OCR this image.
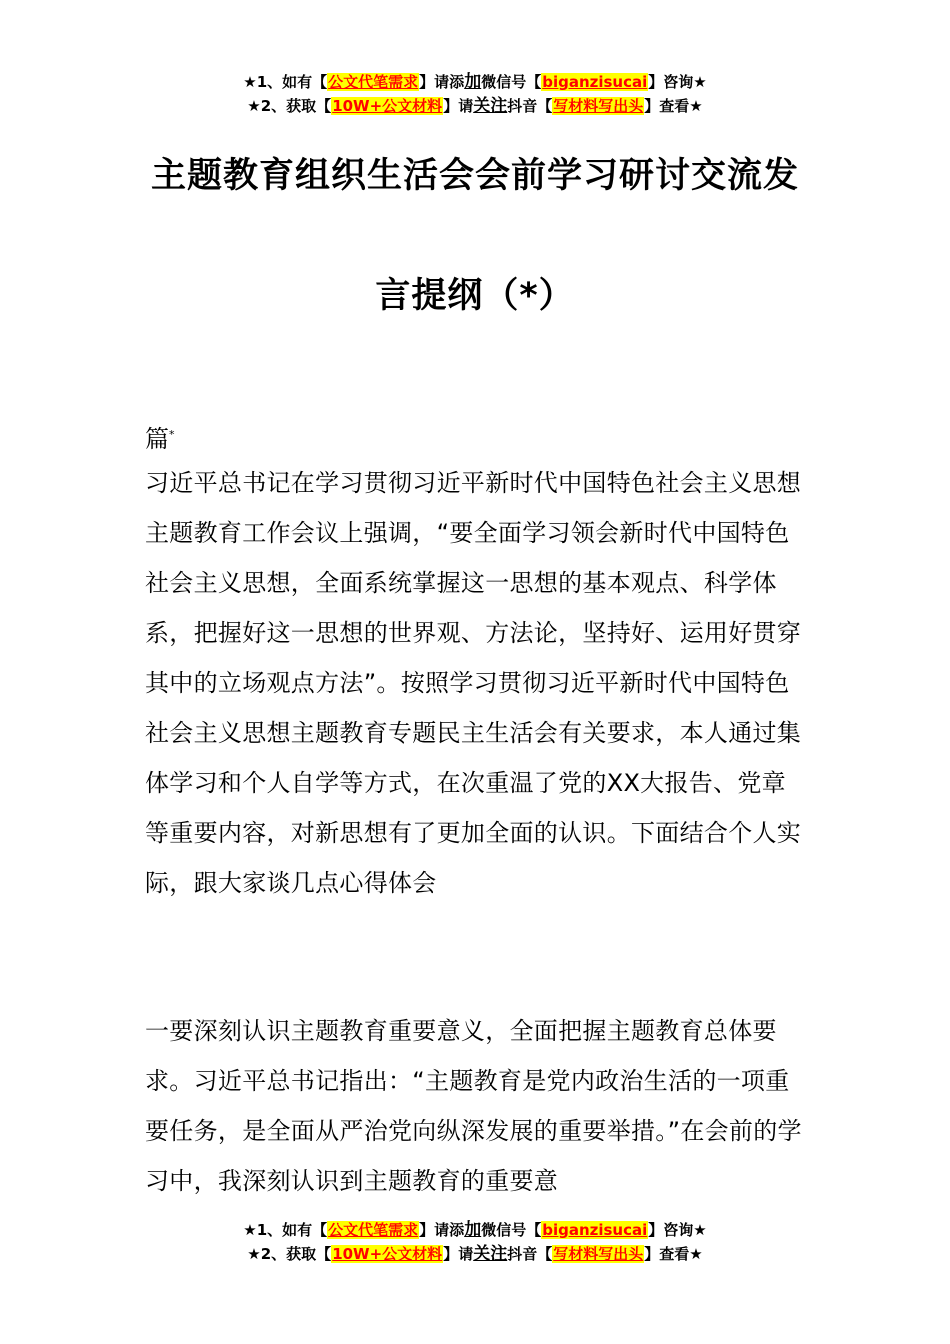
★1、如有【公文代笔需求】请添加微信号【biganzisucai】咨询★
★2、获取【10W+公文材料】请关注抖音【写材料写出头】查看★
主题教育组织生活会会前学习研讨交流发
言提纲（*）
篇*

习近平总书记在学习贯彻习近平新时代中国特色社会主义思想主题教育工作会议上强调，“要全面学习领会新时代中国特色社会主义思想，全面系统掌握这一思想的基本观点、科学体系，把握好这一思想的世界观、方法论，坚持好、运用好贯穿其中的立场观点方法”。按照学习贯彻习近平新时代中国特色社会主义思想主题教育专题民主生活会有关要求，本人通过集体学习和个人自学等方式，在次重温了党的XX大报告、党章等重要内容，对新思想有了更加全面的认识。下面结合个人实际，跟大家谈几点心得体会

一要深刻认识主题教育重要意义，全面把握主题教育总体要求。习近平总书记指出：“主题教育是党内政治生活的一项重要任务，是全面从严治党向纵深发展的重要举措。”在会前的学习中，我深刻认识到主题教育的重要意

★1、如有【公文代笔需求】请添加微信号【biganzisucai】咨询★
★2、获取【10W+公文材料】请关注抖音【写材料写出头】查看★
